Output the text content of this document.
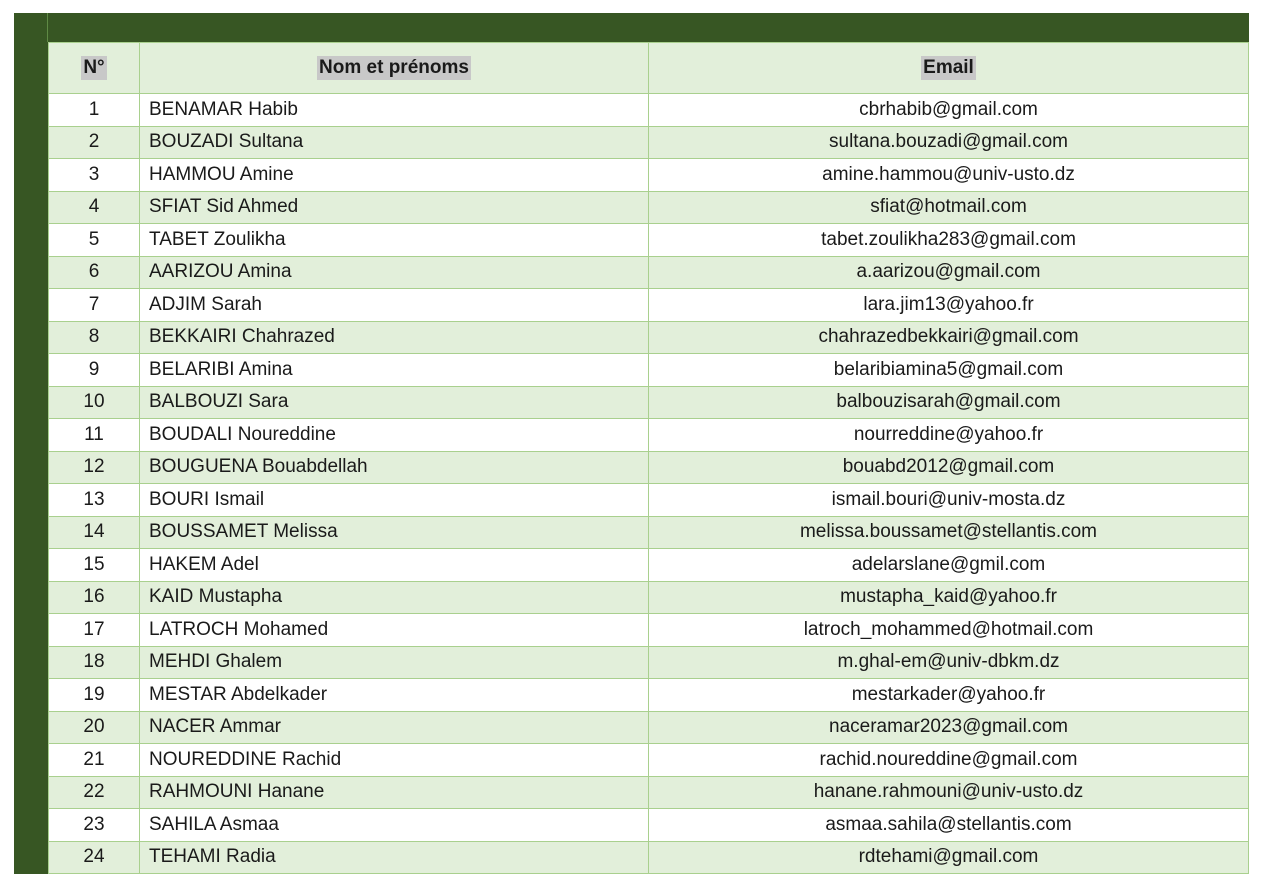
N°	Nom et prénoms	Email
1	BENAMAR Habib	cbrhabib@gmail.com
2	BOUZADI Sultana	sultana.bouzadi@gmail.com
3	HAMMOU Amine	amine.hammou@univ-usto.dz
4	SFIAT Sid Ahmed	sfiat@hotmail.com
5	TABET Zoulikha	tabet.zoulikha283@gmail.com
6	AARIZOU Amina	a.aarizou@gmail.com
7	ADJIM Sarah	lara.jim13@yahoo.fr
8	BEKKAIRI Chahrazed	chahrazedbekkairi@gmail.com
9	BELARIBI Amina	belaribiamina5@gmail.com
10	BALBOUZI Sara	balbouzisarah@gmail.com
11	BOUDALI Noureddine	nourreddine@yahoo.fr
12	BOUGUENA Bouabdellah	bouabd2012@gmail.com
13	BOURI Ismail	ismail.bouri@univ-mosta.dz
14	BOUSSAMET Melissa	melissa.boussamet@stellantis.com
15	HAKEM Adel	adelarslane@gmil.com
16	KAID Mustapha	mustapha_kaid@yahoo.fr
17	LATROCH Mohamed	latroch_mohammed@hotmail.com
18	MEHDI Ghalem	m.ghal-em@univ-dbkm.dz
19	MESTAR Abdelkader	mestarkader@yahoo.fr
20	NACER Ammar	naceramar2023@gmail.com
21	NOUREDDINE Rachid	rachid.noureddine@gmail.com
22	RAHMOUNI Hanane	hanane.rahmouni@univ-usto.dz
23	SAHILA Asmaa	asmaa.sahila@stellantis.com
24	TEHAMI Radia	rdtehami@gmail.com
